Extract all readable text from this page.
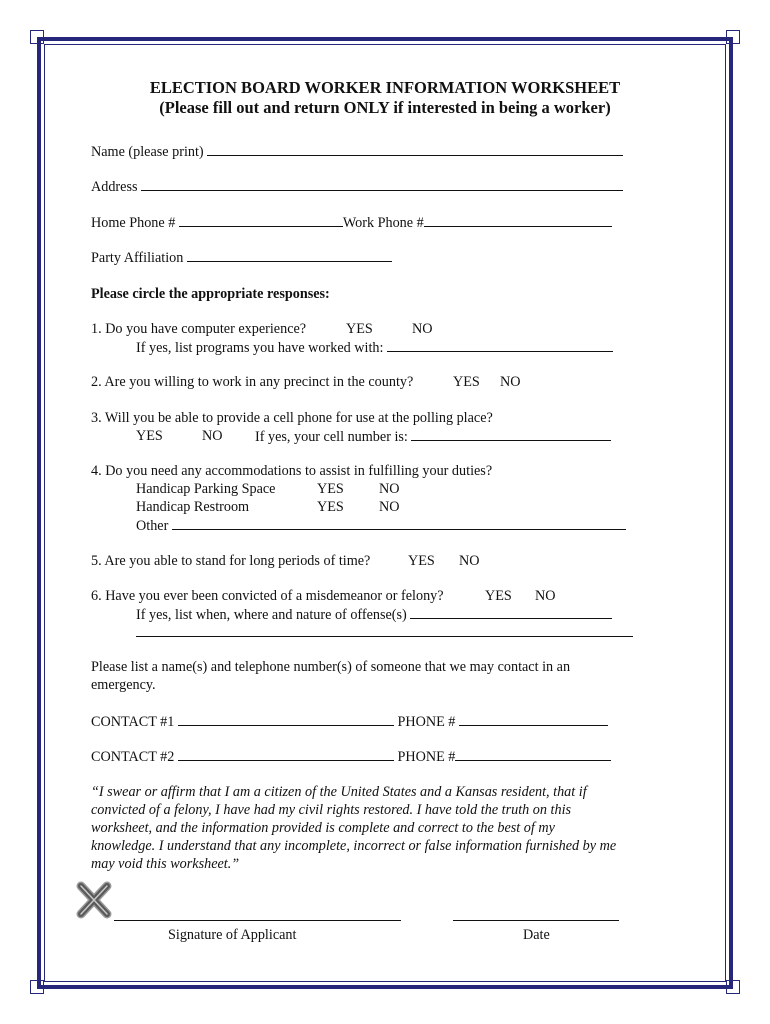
ELECTION BOARD WORKER INFORMATION WORKSHEET
(Please fill out and return ONLY if interested in being a worker)
Name (please print)
Address
Home Phone #	Work Phone #
Party Affiliation
Please circle the appropriate responses:
1. Do you have computer experience?	YES	NO
If yes, list programs you have worked with:
2. Are you willing to work in any precinct in the county?	YES NO
3. Will you be able to provide a cell phone for use at the polling place?
YES	NO If yes, your cell number is:
4. Do you need any accommodations to assist in fulfilling your duties?
Handicap Parking Space	YES NO
Handicap Restroom	YES NO
Other
5. Are you able to stand for long periods of time?	YES NO
6. Have you ever been convicted of a misdemeanor or felony?	YES NO
If yes, list when, where and nature of offense(s)
Please list a name(s) and telephone number(s) of someone that we may contact in an
emergency.
CONTACT #1	PHONE #
CONTACT #2	PHONE #
“I swear or affirm that I am a citizen of the United States and a Kansas resident, that if
convicted of a felony, I have had my civil rights restored. I have told the truth on this
worksheet, and the information provided is complete and correct to the best of my
knowledge. I understand that any incomplete, incorrect or false information furnished by me
may void this worksheet.”
Signature of Applicant	Date
